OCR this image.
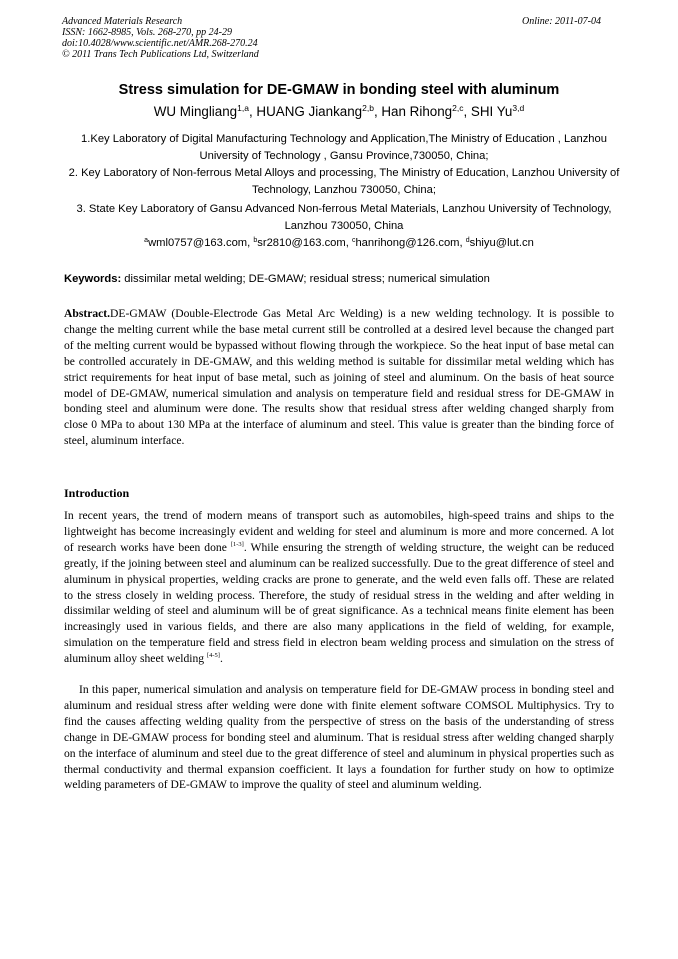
Advanced Materials Research
ISSN: 1662-8985, Vols. 268-270, pp 24-29
doi:10.4028/www.scientific.net/AMR.268-270.24
© 2011 Trans Tech Publications Ltd, Switzerland
Online: 2011-07-04
Stress simulation for DE-GMAW in bonding steel with aluminum
WU Mingliang$^{1,a}$, HUANG Jiankang$^{2,b}$, Han Rihong$^{2,c}$, SHI Yu$^{3,d}$
1.Key Laboratory of Digital Manufacturing Technology and Application,The Ministry of Education , Lanzhou University of Technology , Gansu Province,730050, China;
2. Key Laboratory of Non-ferrous Metal Alloys and processing, The Ministry of Education, Lanzhou University of Technology, Lanzhou 730050, China;
3. State Key Laboratory of Gansu Advanced Non-ferrous Metal Materials, Lanzhou University of Technology, Lanzhou 730050, China
$^a$wml0757@163.com, $^b$sr2810@163.com, $^c$hanrihong@126.com, $^d$shiyu@lut.cn
Keywords: dissimilar metal welding; DE-GMAW; residual stress; numerical simulation
Abstract.DE-GMAW (Double-Electrode Gas Metal Arc Welding) is a new welding technology. It is possible to change the melting current while the base metal current still be controlled at a desired level because the changed part of the melting current would be bypassed without flowing through the workpiece. So the heat input of base metal can be controlled accurately in DE-GMAW, and this welding method is suitable for dissimilar metal welding which has strict requirements for heat input of base metal, such as joining of steel and aluminum. On the basis of heat source model of DE-GMAW, numerical simulation and analysis on temperature field and residual stress for DE-GMAW in bonding steel and aluminum were done. The results show that residual stress after welding changed sharply from close 0 MPa to about 130 MPa at the interface of aluminum and steel. This value is greater than the binding force of steel, aluminum interface.
Introduction
In recent years, the trend of modern means of transport such as automobiles, high-speed trains and ships to the lightweight has become increasingly evident and welding for steel and aluminum is more and more concerned. A lot of research works have been done [1-3]. While ensuring the strength of welding structure, the weight can be reduced greatly, if the joining between steel and aluminum can be realized successfully. Due to the great difference of steel and aluminum in physical properties, welding cracks are prone to generate, and the weld even falls off. These are related to the stress closely in welding process. Therefore, the study of residual stress in the welding and after welding in dissimilar welding of steel and aluminum will be of great significance. As a technical means finite element has been increasingly used in various fields, and there are also many applications in the field of welding, for example, simulation on the temperature field and stress field in electron beam welding process and simulation on the stress of aluminum alloy sheet welding [4-5].
In this paper, numerical simulation and analysis on temperature field for DE-GMAW process in bonding steel and aluminum and residual stress after welding were done with finite element software COMSOL Multiphysics. Try to find the causes affecting welding quality from the perspective of stress on the basis of the understanding of stress change in DE-GMAW process for bonding steel and aluminum. That is residual stress after welding changed sharply on the interface of aluminum and steel due to the great difference of steel and aluminum in physical properties such as thermal conductivity and thermal expansion coefficient. It lays a foundation for further study on how to optimize welding parameters of DE-GMAW to improve the quality of steel and aluminum welding.
